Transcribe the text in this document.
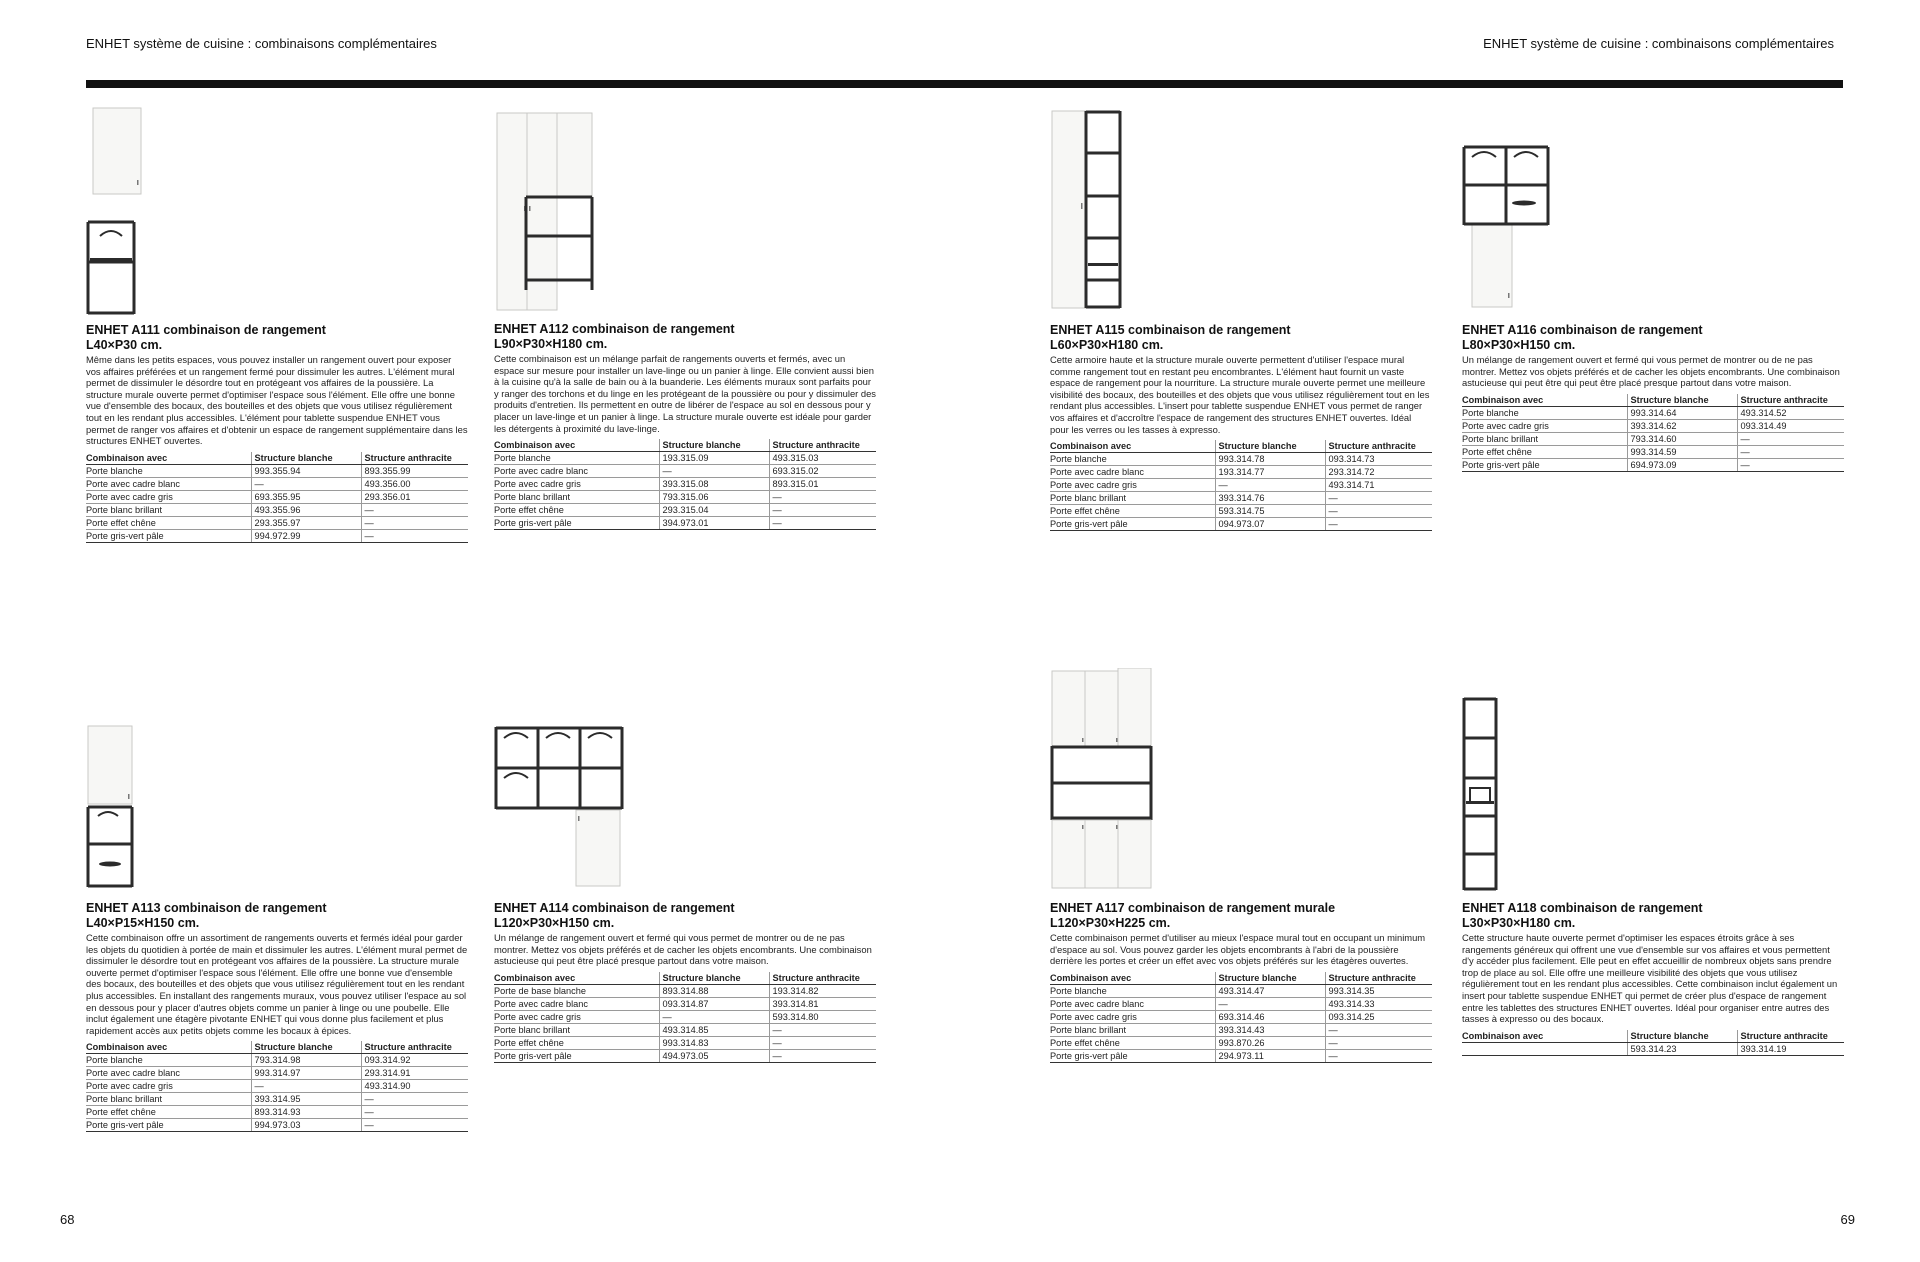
ENHET système de cuisine : combinaisons complémentaires	ENHET système de cuisine : combinaisons complémentaires
ENHET A111 combinaison de rangement
L40×P30 cm.
Même dans les petits espaces, vous pouvez installer un rangement ouvert pour exposer vos affaires préférées et un rangement fermé pour dissimuler les autres. L'élément mural permet de dissimuler le désordre tout en protégeant vos affaires de la poussière. La structure murale ouverte permet d'optimiser l'espace sous l'élément. Elle offre une bonne vue d'ensemble des bocaux, des bouteilles et des objets que vous utilisez régulièrement tout en les rendant plus accessibles. L'élément pour tablette suspendue ENHET vous permet de ranger vos affaires et d'obtenir un espace de rangement supplémentaire dans les structures ENHET ouvertes.
Combinaison avec	Structure blanche	Structure anthracite
Porte blanche	993.355.94	893.355.99
Porte avec cadre blanc	—	493.356.00
Porte avec cadre gris	693.355.95	293.356.01
Porte blanc brillant	493.355.96	—
Porte effet chêne	293.355.97	—
Porte gris-vert pâle	994.972.99	—
ENHET A112 combinaison de rangement
L90×P30×H180 cm.
Cette combinaison est un mélange parfait de rangements ouverts et fermés, avec un espace sur mesure pour installer un lave-linge ou un panier à linge. Elle convient aussi bien à la cuisine qu'à la salle de bain ou à la buanderie. Les éléments muraux sont parfaits pour y ranger des torchons et du linge en les protégeant de la poussière ou pour y dissimuler des produits d'entretien. Ils permettent en outre de libérer de l'espace au sol en dessous pour y placer un lave-linge et un panier à linge. La structure murale ouverte est idéale pour garder les détergents à proximité du lave-linge.
Combinaison avec	Structure blanche	Structure anthracite
Porte blanche	193.315.09	493.315.03
Porte avec cadre blanc	—	693.315.02
Porte avec cadre gris	393.315.08	893.315.01
Porte blanc brillant	793.315.06	—
Porte effet chêne	293.315.04	—
Porte gris-vert pâle	394.973.01	—
ENHET A115 combinaison de rangement
L60×P30×H180 cm.
Cette armoire haute et la structure murale ouverte permettent d'utiliser l'espace mural comme rangement tout en restant peu encombrantes. L'élément haut fournit un vaste espace de rangement pour la nourriture. La structure murale ouverte permet une meilleure visibilité des bocaux, des bouteilles et des objets que vous utilisez régulièrement tout en les rendant plus accessibles. L'insert pour tablette suspendue ENHET vous permet de ranger vos affaires et d'accroître l'espace de rangement des structures ENHET ouvertes. Idéal pour les verres ou les tasses à expresso.
Combinaison avec	Structure blanche	Structure anthracite
Porte blanche	993.314.78	093.314.73
Porte avec cadre blanc	193.314.77	293.314.72
Porte avec cadre gris	—	493.314.71
Porte blanc brillant	393.314.76	—
Porte effet chêne	593.314.75	—
Porte gris-vert pâle	094.973.07	—
ENHET A116 combinaison de rangement
L80×P30×H150 cm.
Un mélange de rangement ouvert et fermé qui vous permet de montrer ou de ne pas montrer. Mettez vos objets préférés et de cacher les objets encombrants. Une combinaison astucieuse qui peut être qui peut être placé presque partout dans votre maison.
Combinaison avec	Structure blanche	Structure anthracite
Porte blanche	993.314.64	493.314.52
Porte avec cadre gris	393.314.62	093.314.49
Porte blanc brillant	793.314.60	—
Porte effet chêne	993.314.59	—
Porte gris-vert pâle	694.973.09	—
ENHET A113 combinaison de rangement
L40×P15×H150 cm.
Cette combinaison offre un assortiment de rangements ouverts et fermés idéal pour garder les objets du quotidien à portée de main et dissimuler les autres. L'élément mural permet de dissimuler le désordre tout en protégeant vos affaires de la poussière. La structure murale ouverte permet d'optimiser l'espace sous l'élément. Elle offre une bonne vue d'ensemble des bocaux, des bouteilles et des objets que vous utilisez régulièrement tout en les rendant plus accessibles. En installant des rangements muraux, vous pouvez utiliser l'espace au sol en dessous pour y placer d'autres objets comme un panier à linge ou une poubelle. Elle inclut également une étagère pivotante ENHET qui vous donne plus facilement et plus rapidement accès aux petits objets comme les bocaux à épices.
Combinaison avec	Structure blanche	Structure anthracite
Porte blanche	793.314.98	093.314.92
Porte avec cadre blanc	993.314.97	293.314.91
Porte avec cadre gris	—	493.314.90
Porte blanc brillant	393.314.95	—
Porte effet chêne	893.314.93	—
Porte gris-vert pâle	994.973.03	—
ENHET A114 combinaison de rangement
L120×P30×H150 cm.
Un mélange de rangement ouvert et fermé qui vous permet de montrer ou de ne pas montrer. Mettez vos objets préférés et de cacher les objets encombrants. Une combinaison astucieuse qui peut être placé presque partout dans votre maison.
Combinaison avec	Structure blanche	Structure anthracite
Porte de base blanche	893.314.88	193.314.82
Porte avec cadre blanc	093.314.87	393.314.81
Porte avec cadre gris	—	593.314.80
Porte blanc brillant	493.314.85	—
Porte effet chêne	993.314.83	—
Porte gris-vert pâle	494.973.05	—
ENHET A117 combinaison de rangement murale
L120×P30×H225 cm.
Cette combinaison permet d'utiliser au mieux l'espace mural tout en occupant un minimum d'espace au sol. Vous pouvez garder les objets encombrants à l'abri de la poussière derrière les portes et créer un effet avec vos objets préférés sur les étagères ouvertes.
Combinaison avec	Structure blanche	Structure anthracite
Porte blanche	493.314.47	993.314.35
Porte avec cadre blanc	—	493.314.33
Porte avec cadre gris	693.314.46	093.314.25
Porte blanc brillant	393.314.43	—
Porte effet chêne	993.870.26	—
Porte gris-vert pâle	294.973.11	—
ENHET A118 combinaison de rangement
L30×P30×H180 cm.
Cette structure haute ouverte permet d'optimiser les espaces étroits grâce à ses rangements généreux qui offrent une vue d'ensemble sur vos affaires et vous permettent d'y accéder plus facilement. Elle peut en effet accueillir de nombreux objets sans prendre trop de place au sol. Elle offre une meilleure visibilité des objets que vous utilisez régulièrement tout en les rendant plus accessibles. Cette combinaison inclut également un insert pour tablette suspendue ENHET qui permet de créer plus d'espace de rangement entre les tablettes des structures ENHET ouvertes. Idéal pour organiser entre autres des tasses à expresso ou des bocaux.
Combinaison avec	Structure blanche	Structure anthracite
	593.314.23	393.314.19
68	69
